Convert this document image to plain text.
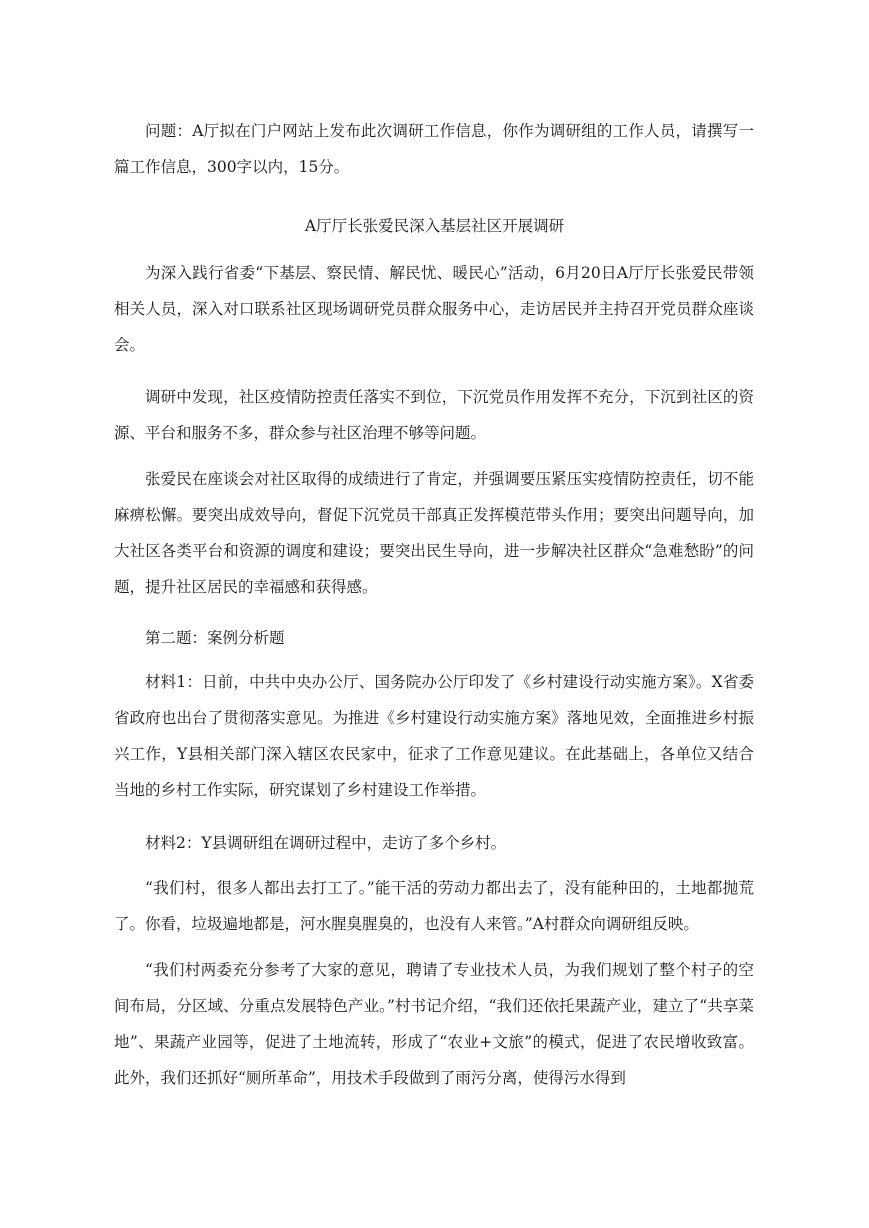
问题：A厅拟在门户网站上发布此次调研工作信息，你作为调研组的工作人员，请撰写一篇工作信息，300字以内，15分。

A厅厅长张爱民深入基层社区开展调研

为深入践行省委“下基层、察民情、解民忧、暖民心”活动，6月20日A厅厅长张爱民带领相关人员，深入对口联系社区现场调研党员群众服务中心，走访居民并主持召开党员群众座谈会。

调研中发现，社区疫情防控责任落实不到位，下沉党员作用发挥不充分，下沉到社区的资源、平台和服务不多，群众参与社区治理不够等问题。

张爱民在座谈会对社区取得的成绩进行了肯定，并强调要压紧压实疫情防控责任，切不能麻痹松懈。要突出成效导向，督促下沉党员干部真正发挥模范带头作用；要突出问题导向，加大社区各类平台和资源的调度和建设；要突出民生导向，进一步解决社区群众“急难愁盼”的问题，提升社区居民的幸福感和获得感。

第二题：案例分析题

材料1：日前，中共中央办公厅、国务院办公厅印发了《乡村建设行动实施方案》。X省委省政府也出台了贯彻落实意见。为推进《乡村建设行动实施方案》落地见效，全面推进乡村振兴工作，Y县相关部门深入辖区农民家中，征求了工作意见建议。在此基础上，各单位又结合当地的乡村工作实际，研究谋划了乡村建设工作举措。

材料2：Y县调研组在调研过程中，走访了多个乡村。

“我们村，很多人都出去打工了。”能干活的劳动力都出去了，没有能种田的，土地都抛荒了。你看，垃圾遍地都是，河水腥臭腥臭的，也没有人来管。”A村群众向调研组反映。

“我们村两委充分参考了大家的意见，聘请了专业技术人员，为我们规划了整个村子的空间布局，分区域、分重点发展特色产业。”村书记介绍，“我们还依托果蔬产业，建立了“共享菜地”、果蔬产业园等，促进了土地流转，形成了“农业+文旅”的模式，促进了农民增收致富。此外，我们还抓好“厕所革命”，用技术手段做到了雨污分离，使得污水得到
